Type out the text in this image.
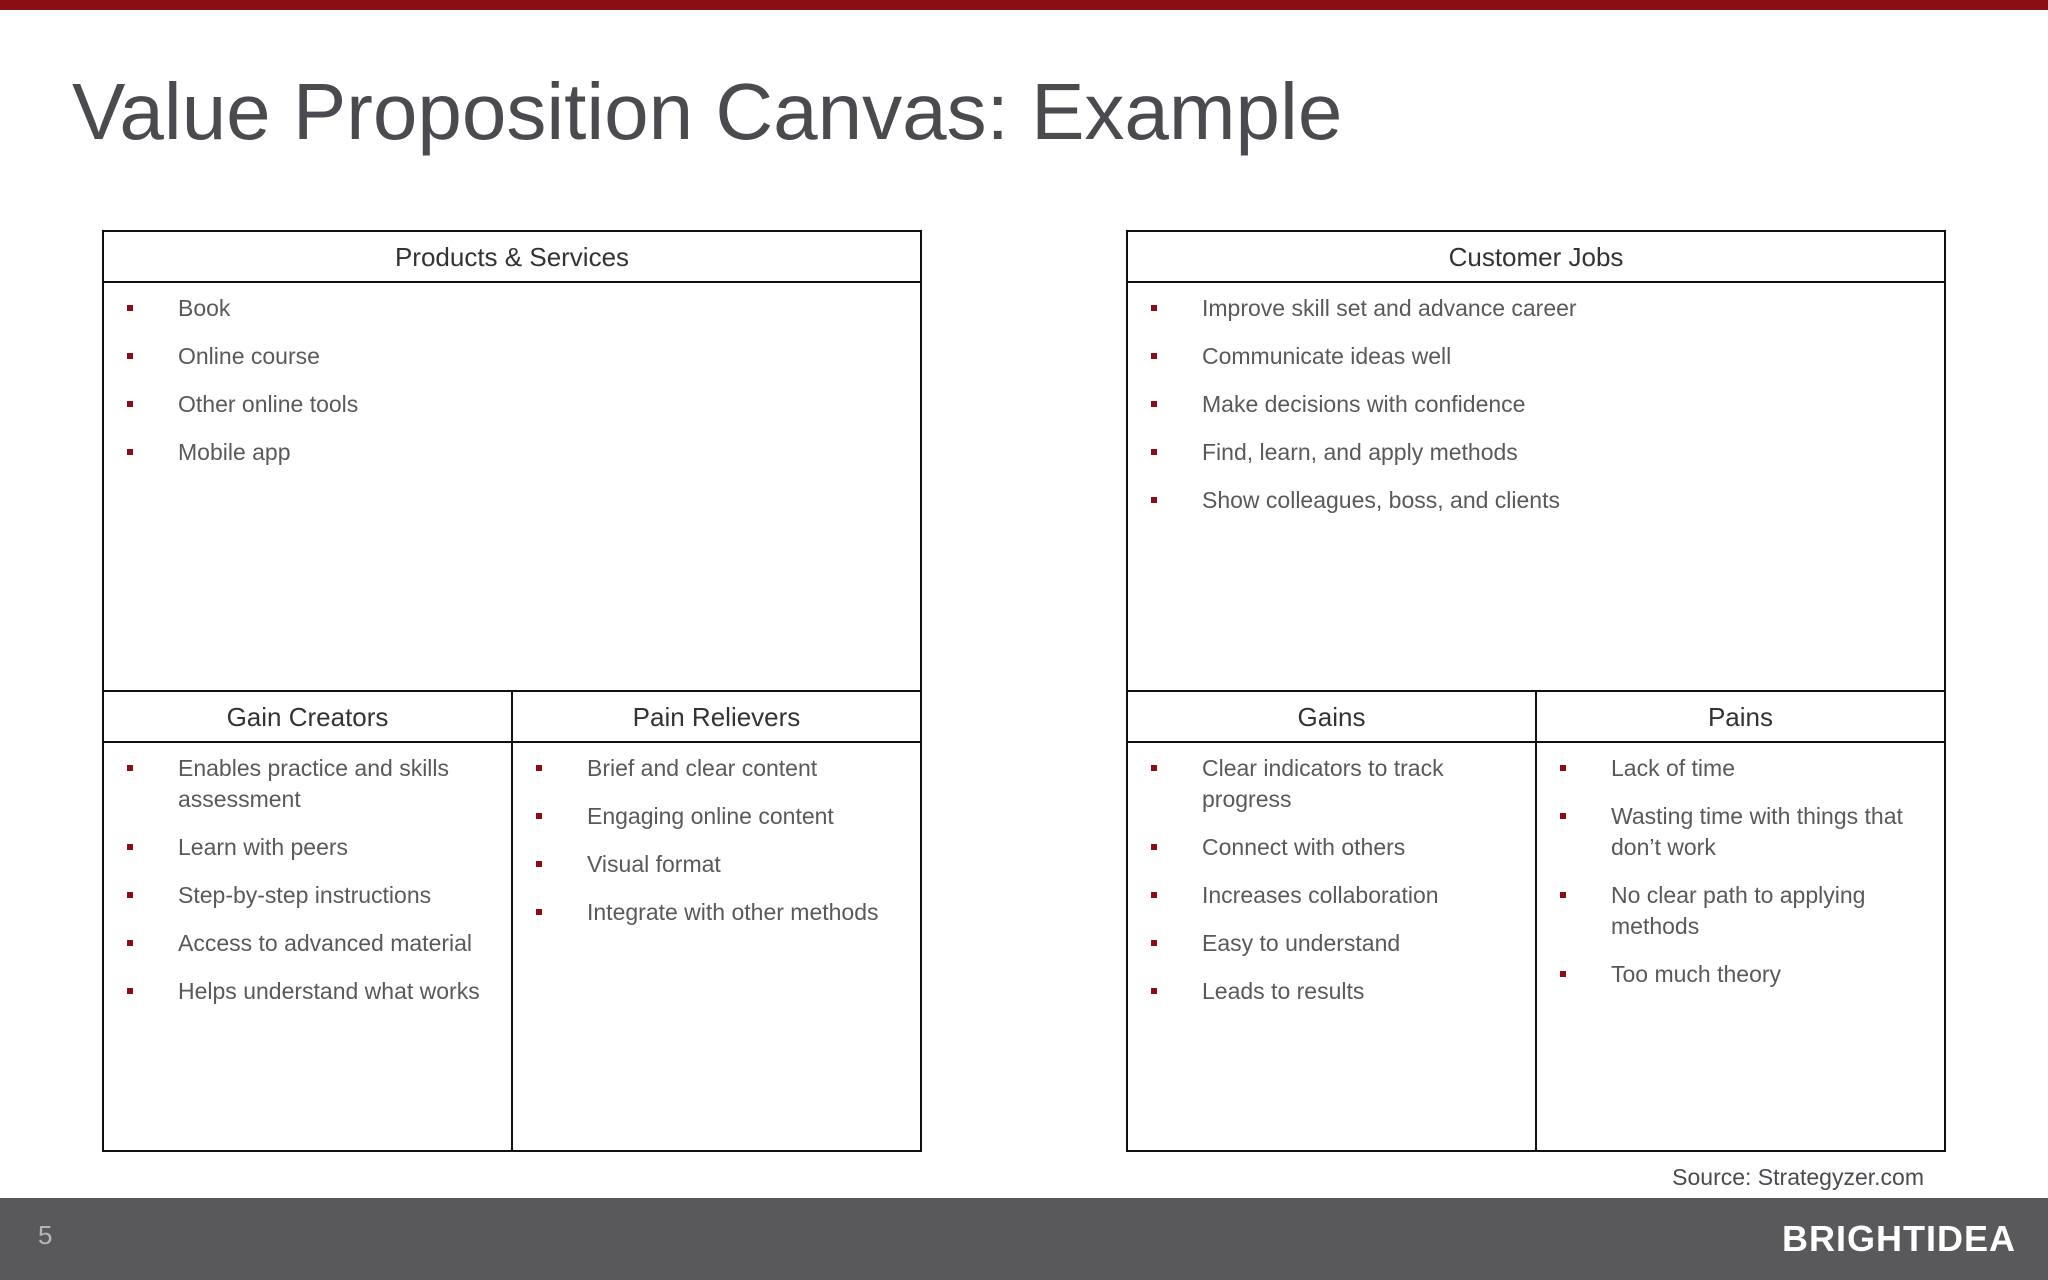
Value Proposition Canvas: Example
Products & Services
Book
Online course
Other online tools
Mobile app
Gain Creators
Enables practice and skills assessment
Learn with peers
Step-by-step instructions
Access to advanced material
Helps understand what works
Pain Relievers
Brief and clear content
Engaging online content
Visual format
Integrate with other methods
Customer Jobs
Improve skill set and advance career
Communicate ideas well
Make decisions with confidence
Find, learn, and apply methods
Show colleagues, boss, and clients
Gains
Clear indicators to track progress
Connect with others
Increases collaboration
Easy to understand
Leads to results
Pains
Lack of time
Wasting time with things that don’t work
No clear path to applying methods
Too much theory
Source: Strategyzer.com
5	BRIGHTIDEA
